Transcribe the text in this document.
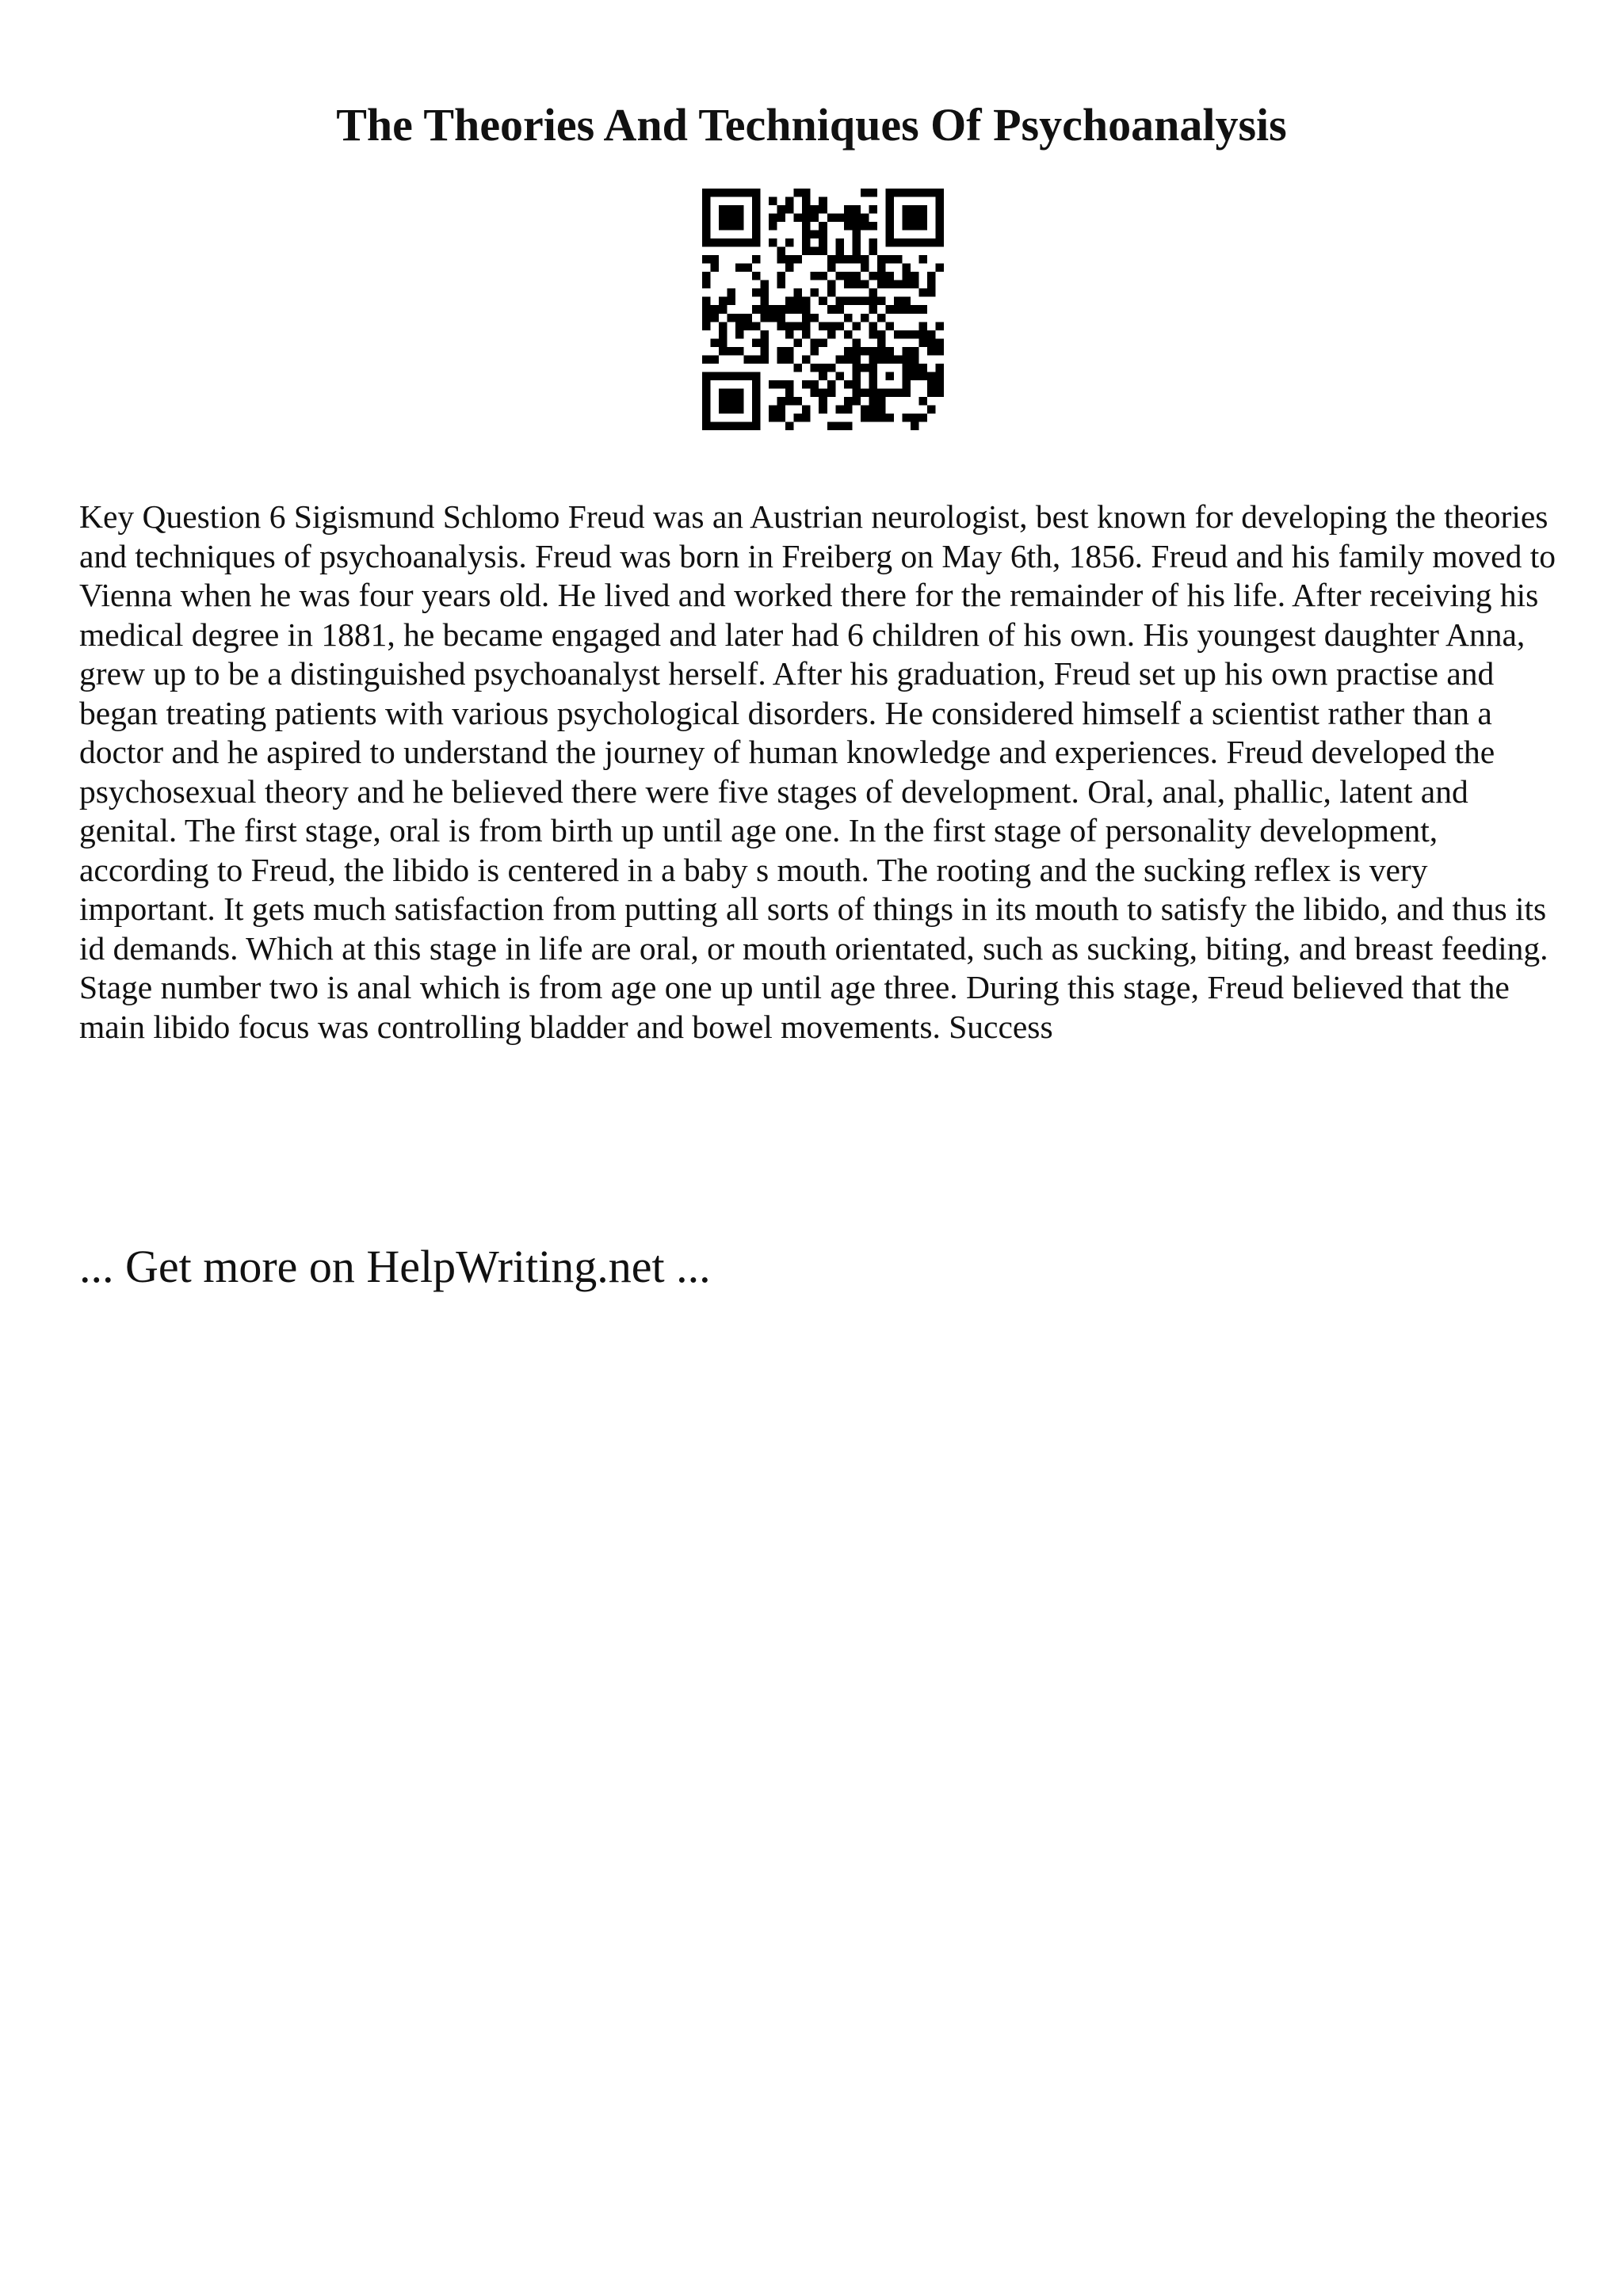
The Theories And Techniques Of Psychoanalysis

Key Question 6 Sigismund Schlomo Freud was an Austrian neurologist, best known for developing the theories and techniques of psychoanalysis. Freud was born in Freiberg on May 6th, 1856. Freud and his family moved to Vienna when he was four years old. He lived and worked there for the remainder of his life. After receiving his medical degree in 1881, he became engaged and later had 6 children of his own. His youngest daughter Anna, grew up to be a distinguished psychoanalyst herself. After his graduation, Freud set up his own practise and began treating patients with various psychological disorders. He considered himself a scientist rather than a doctor and he aspired to understand the journey of human knowledge and experiences. Freud developed the psychosexual theory and he believed there were five stages of development. Oral, anal, phallic, latent and genital. The first stage, oral is from birth up until age one. In the first stage of personality development, according to Freud, the libido is centered in a baby s mouth. The rooting and the sucking reflex is very important. It gets much satisfaction from putting all sorts of things in its mouth to satisfy the libido, and thus its id demands. Which at this stage in life are oral, or mouth orientated, such as sucking, biting, and breast feeding. Stage number two is anal which is from age one up until age three. During this stage, Freud believed that the main libido focus was controlling bladder and bowel movements. Success

... Get more on HelpWriting.net ...
